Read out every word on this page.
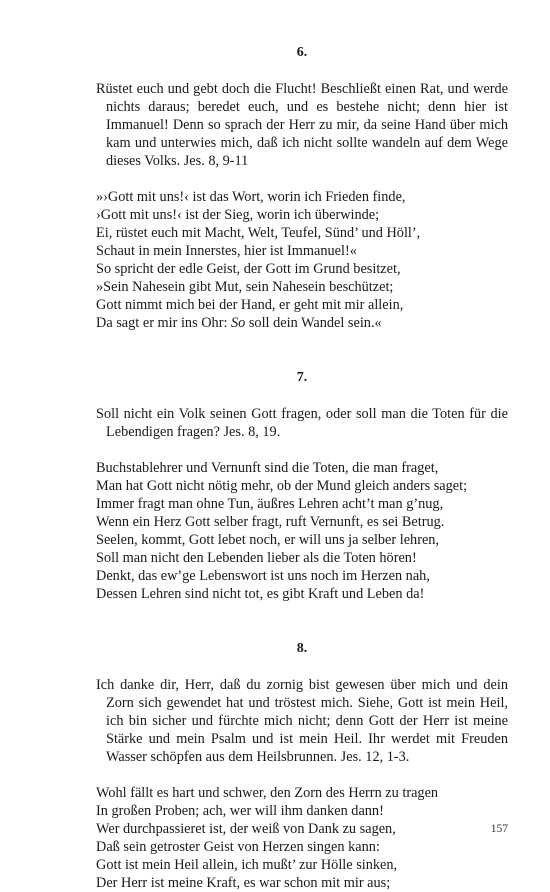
6.
Rüstet euch und gebt doch die Flucht! Beschließt einen Rat, und werde nichts daraus; beredet euch, und es bestehe nicht; denn hier ist Immanuel! Denn so sprach der Herr zu mir, da seine Hand über mich kam und unterwies mich, daß ich nicht sollte wandeln auf dem Wege dieses Volks. Jes. 8, 9-11
»›Gott mit uns!‹ ist das Wort, worin ich Frieden finde,
›Gott mit uns!‹ ist der Sieg, worin ich überwinde;
Ei, rüstet euch mit Macht, Welt, Teufel, Sünd’ und Höll’,
Schaut in mein Innerstes, hier ist Immanuel!«
So spricht der edle Geist, der Gott im Grund besitzet,
»Sein Nahesein gibt Mut, sein Nahesein beschützet;
Gott nimmt mich bei der Hand, er geht mit mir allein,
Da sagt er mir ins Ohr: So soll dein Wandel sein.«
7.
Soll nicht ein Volk seinen Gott fragen, oder soll man die Toten für die Lebendigen fragen? Jes. 8, 19.
Buchstablehrer und Vernunft sind die Toten, die man fraget,
Man hat Gott nicht nötig mehr, ob der Mund gleich anders saget;
Immer fragt man ohne Tun, äußres Lehren acht’t man g’nug,
Wenn ein Herz Gott selber fragt, ruft Vernunft, es sei Betrug.
Seelen, kommt, Gott lebet noch, er will uns ja selber lehren,
Soll man nicht den Lebenden lieber als die Toten hören!
Denkt, das ew’ge Lebenswort ist uns noch im Herzen nah,
Dessen Lehren sind nicht tot, es gibt Kraft und Leben da!
8.
Ich danke dir, Herr, daß du zornig bist gewesen über mich und dein Zorn sich gewendet hat und tröstest mich. Siehe, Gott ist mein Heil, ich bin sicher und fürchte mich nicht; denn Gott der Herr ist meine Stärke und mein Psalm und ist mein Heil. Ihr werdet mit Freuden Wasser schöpfen aus dem Heilsbrunnen. Jes. 12, 1-3.
Wohl fällt es hart und schwer, den Zorn des Herrn zu tragen
In großen Proben; ach, wer will ihm danken dann!
Wer durchpassieret ist, der weiß von Dank zu sagen,
Daß sein getroster Geist von Herzen singen kann:
Gott ist mein Heil allein, ich mußt’ zur Hölle sinken,
Der Herr ist meine Kraft, es war schon mit mir aus;
157
